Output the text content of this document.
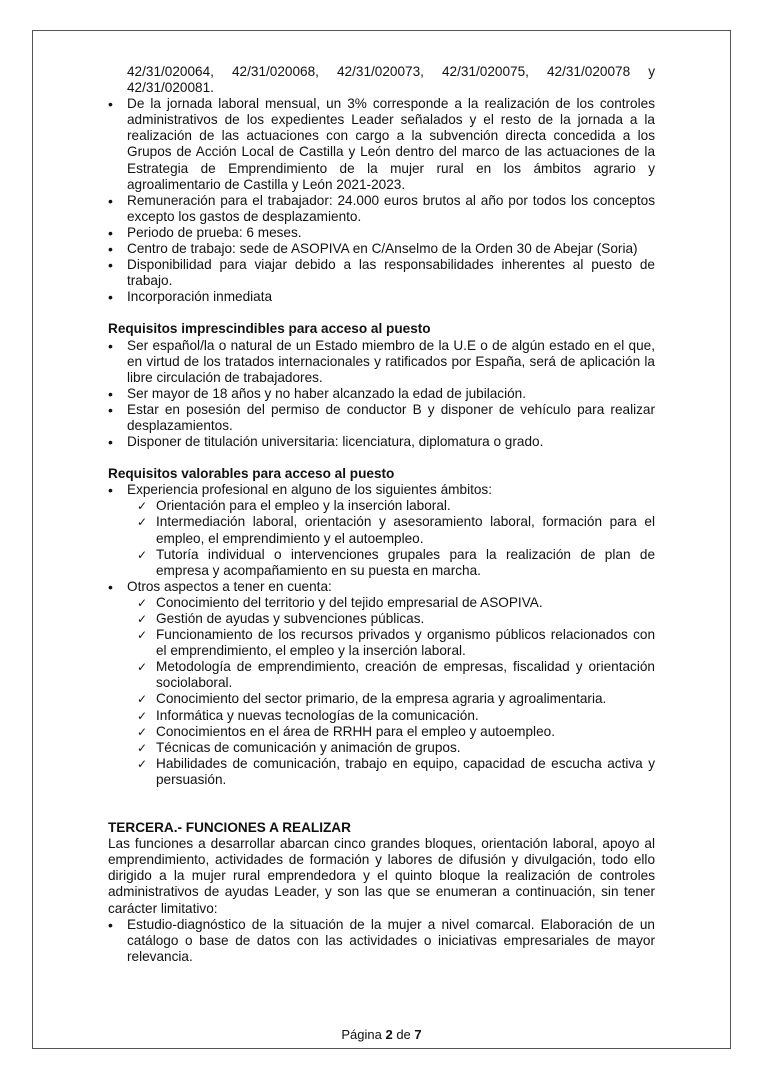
42/31/020064, 42/31/020068, 42/31/020073, 42/31/020075, 42/31/020078 y 42/31/020081.
• De la jornada laboral mensual, un 3% corresponde a la realización de los controles administrativos de los expedientes Leader señalados y el resto de la jornada a la realización de las actuaciones con cargo a la subvención directa concedida a los Grupos de Acción Local de Castilla y León dentro del marco de las actuaciones de la Estrategia de Emprendimiento de la mujer rural en los ámbitos agrario y agroalimentario de Castilla y León 2021-2023.
• Remuneración para el trabajador: 24.000 euros brutos al año por todos los conceptos excepto los gastos de desplazamiento.
• Periodo de prueba: 6 meses.
• Centro de trabajo: sede de ASOPIVA en C/Anselmo de la Orden 30 de Abejar (Soria)
• Disponibilidad para viajar debido a las responsabilidades inherentes al puesto de trabajo.
• Incorporación inmediata

Requisitos imprescindibles para acceso al puesto

• Ser español/la o natural de un Estado miembro de la U.E o de algún estado en el que, en virtud de los tratados internacionales y ratificados por España, será de aplicación la libre circulación de trabajadores.
• Ser mayor de 18 años y no haber alcanzado la edad de jubilación.
• Estar en posesión del permiso de conductor B y disponer de vehículo para realizar desplazamientos.
• Disponer de titulación universitaria: licenciatura, diplomatura o grado.

Requisitos valorables para acceso al puesto

• Experiencia profesional en alguno de los siguientes ámbitos:
✓ Orientación para el empleo y la inserción laboral.
✓ Intermediación laboral, orientación y asesoramiento laboral, formación para el empleo, el emprendimiento y el autoempleo.
✓ Tutoría individual o intervenciones grupales para la realización de plan de empresa y acompañamiento en su puesta en marcha.
• Otros aspectos a tener en cuenta:
✓ Conocimiento del territorio y del tejido empresarial de ASOPIVA.
✓ Gestión de ayudas y subvenciones públicas.
✓ Funcionamiento de los recursos privados y organismo públicos relacionados con el emprendimiento, el empleo y la inserción laboral.
✓ Metodología de emprendimiento, creación de empresas, fiscalidad y orientación sociolaboral.
✓ Conocimiento del sector primario, de la empresa agraria y agroalimentaria.
✓ Informática y nuevas tecnologías de la comunicación.
✓ Conocimientos en el área de RRHH para el empleo y autoempleo.
✓ Técnicas de comunicación y animación de grupos.
✓ Habilidades de comunicación, trabajo en equipo, capacidad de escucha activa y persuasión.

TERCERA.- FUNCIONES A REALIZAR

Las funciones a desarrollar abarcan cinco grandes bloques, orientación laboral, apoyo al emprendimiento, actividades de formación y labores de difusión y divulgación, todo ello dirigido a la mujer rural emprendedora y el quinto bloque la realización de controles administrativos de ayudas Leader, y son las que se enumeran a continuación, sin tener carácter limitativo:

• Estudio-diagnóstico de la situación de la mujer a nivel comarcal. Elaboración de un catálogo o base de datos con las actividades o iniciativas empresariales de mayor relevancia.
Página 2 de 7
